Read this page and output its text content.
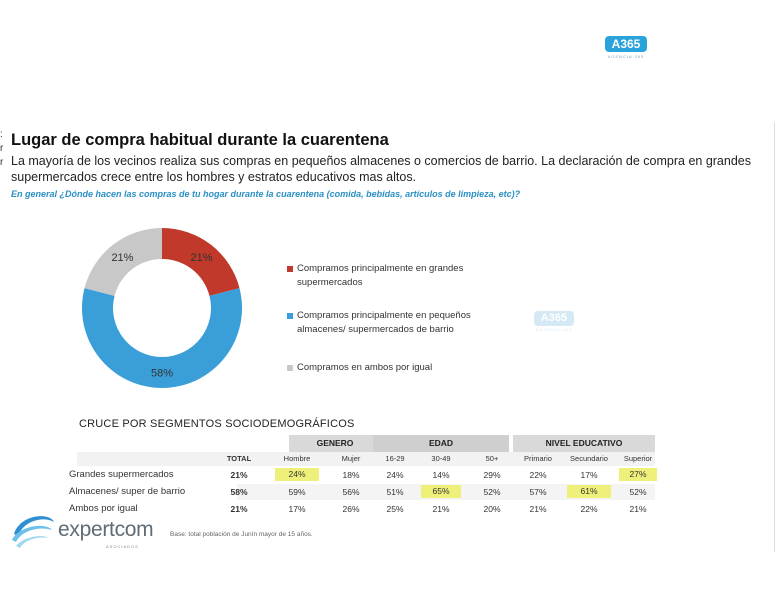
A365
AGENCIA 365
:
r
r
Lugar de compra habitual durante la cuarentena
La mayoría de los vecinos realiza sus compras en pequeños almacenes o comercios de barrio. La declaración de compra en grandes supermercados crece entre los hombres y estratos educativos mas altos.
En general ¿Dónde hacen las compras de tu hogar durante la cuarentena (comida, bebidas, artículos de limpieza, etc)?
21%
58%
21%
Compramos principalmente en grandes supermercados
Compramos principalmente en pequeños almacenes/ supermercados de barrio
Compramos en ambos por igual
A365
AGENCIA 365
CRUCE POR SEGMENTOS SOCIODEMOGRÁFICOS
GENERO	EDAD	NIVEL EDUCATIVO
TOTAL	Hombre	Mujer	16-29	30-49	50+	Primario	Secundario	Superior
Grandes supermercados	21%	24%	18%	24%	14%	29%	22%	17%	27%
Almacenes/ super de barrio	58%	59%	56%	51%	65%	52%	57%	61%	52%
Ambos por igual	21%	17%	26%	25%	21%	20%	21%	22%	21%
expertcom
ASOCIADOS
Base: total población de Junín mayor de 15 años.
